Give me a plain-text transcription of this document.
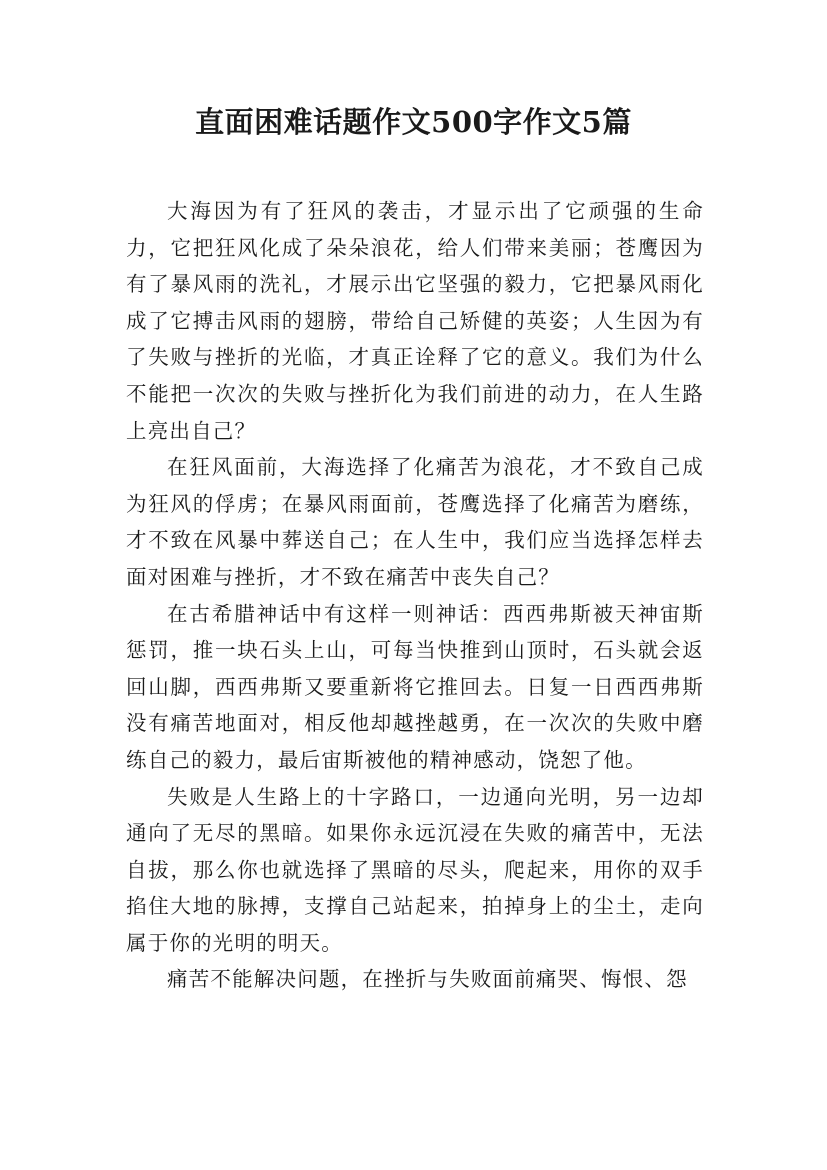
直面困难话题作文500字作文5篇

大海因为有了狂风的袭击，才显示出了它顽强的生命力，它把狂风化成了朵朵浪花，给人们带来美丽；苍鹰因为有了暴风雨的洗礼，才展示出它坚强的毅力，它把暴风雨化成了它搏击风雨的翅膀，带给自己矫健的英姿；人生因为有了失败与挫折的光临，才真正诠释了它的意义。我们为什么不能把一次次的失败与挫折化为我们前进的动力，在人生路上亮出自己？

在狂风面前，大海选择了化痛苦为浪花，才不致自己成为狂风的俘虏；在暴风雨面前，苍鹰选择了化痛苦为磨练，才不致在风暴中葬送自己；在人生中，我们应当选择怎样去面对困难与挫折，才不致在痛苦中丧失自己？

在古希腊神话中有这样一则神话：西西弗斯被天神宙斯惩罚，推一块石头上山，可每当快推到山顶时，石头就会返回山脚，西西弗斯又要重新将它推回去。日复一日西西弗斯没有痛苦地面对，相反他却越挫越勇，在一次次的失败中磨练自己的毅力，最后宙斯被他的精神感动，饶恕了他。

失败是人生路上的十字路口，一边通向光明，另一边却通向了无尽的黑暗。如果你永远沉浸在失败的痛苦中，无法自拔，那么你也就选择了黑暗的尽头，爬起来，用你的双手掐住大地的脉搏，支撑自己站起来，拍掉身上的尘土，走向属于你的光明的明天。

痛苦不能解决问题，在挫折与失败面前痛哭、悔恨、怨
